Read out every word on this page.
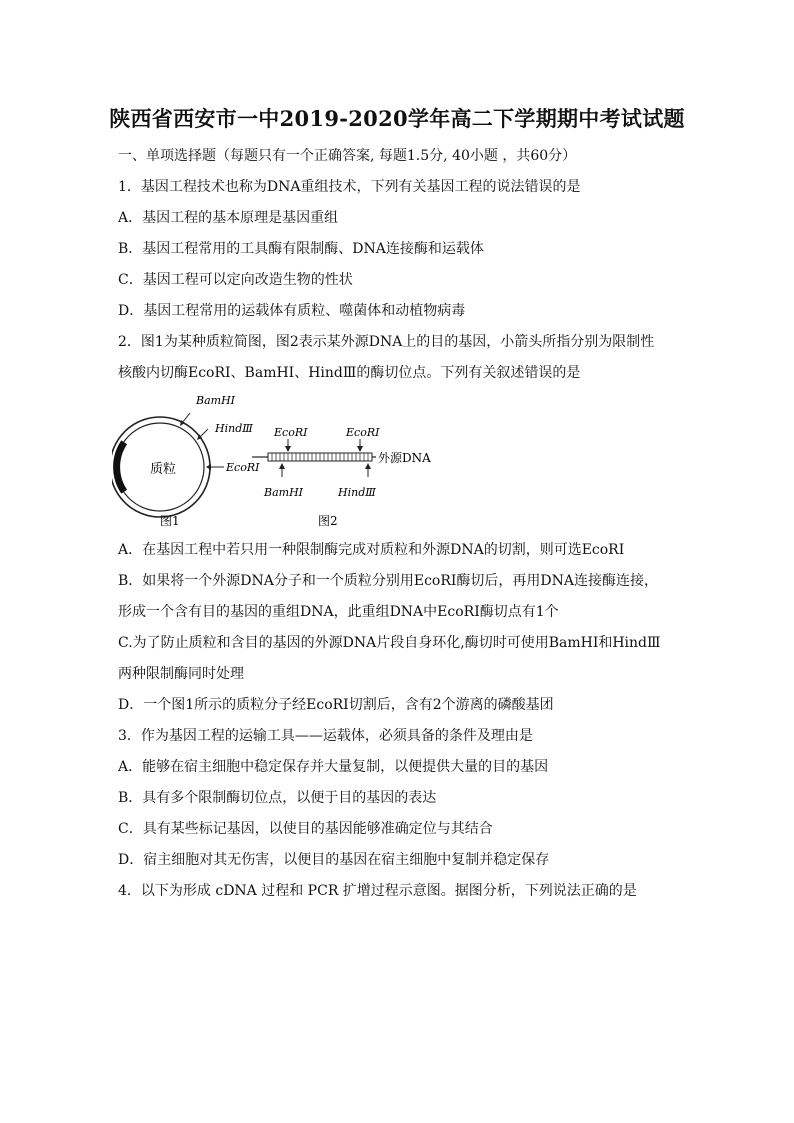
陕西省西安市一中2019-2020学年高二下学期期中考试试题
一、单项选择题（每题只有一个正确答案, 每题1.5分, 40小题 ，共60分）
1．基因工程技术也称为DNA重组技术，下列有关基因工程的说法错误的是
A．基因工程的基本原理是基因重组
B．基因工程常用的工具酶有限制酶、DNA连接酶和运载体
C．基因工程可以定向改造生物的性状
D．基因工程常用的运载体有质粒、噬菌体和动植物病毒
2．图1为某种质粒简图，图2表示某外源DNA上的目的基因，小箭头所指分别为限制性
核酸内切酶EcoRⅠ、BamHⅠ、HindⅢ的酶切位点。下列有关叙述错误的是
质粒
BamHⅠ
HindⅢ
EcoRⅠ
图1
EcoRⅠ	EcoRⅠ
BamHⅠ	HindⅢ
外源DNA
图2
A．在基因工程中若只用一种限制酶完成对质粒和外源DNA的切割，则可选EcoRⅠ
B．如果将一个外源DNA分子和一个质粒分别用EcoRⅠ酶切后，再用DNA连接酶连接，
形成一个含有目的基因的重组DNA，此重组DNA中EcoRⅠ酶切点有1个
C.为了防止质粒和含目的基因的外源DNA片段自身环化,酶切时可使用BamHⅠ和HindⅢ
两种限制酶同时处理
D．一个图1所示的质粒分子经EcoRⅠ切割后，含有2个游离的磷酸基团
3．作为基因工程的运输工具——运载体，必须具备的条件及理由是
A．能够在宿主细胞中稳定保存并大量复制，以便提供大量的目的基因
B．具有多个限制酶切位点，以便于目的基因的表达
C．具有某些标记基因，以使目的基因能够准确定位与其结合
D．宿主细胞对其无伤害，以便目的基因在宿主细胞中复制并稳定保存
4．以下为形成 cDNA 过程和 PCR 扩增过程示意图。据图分析，下列说法正确的是
